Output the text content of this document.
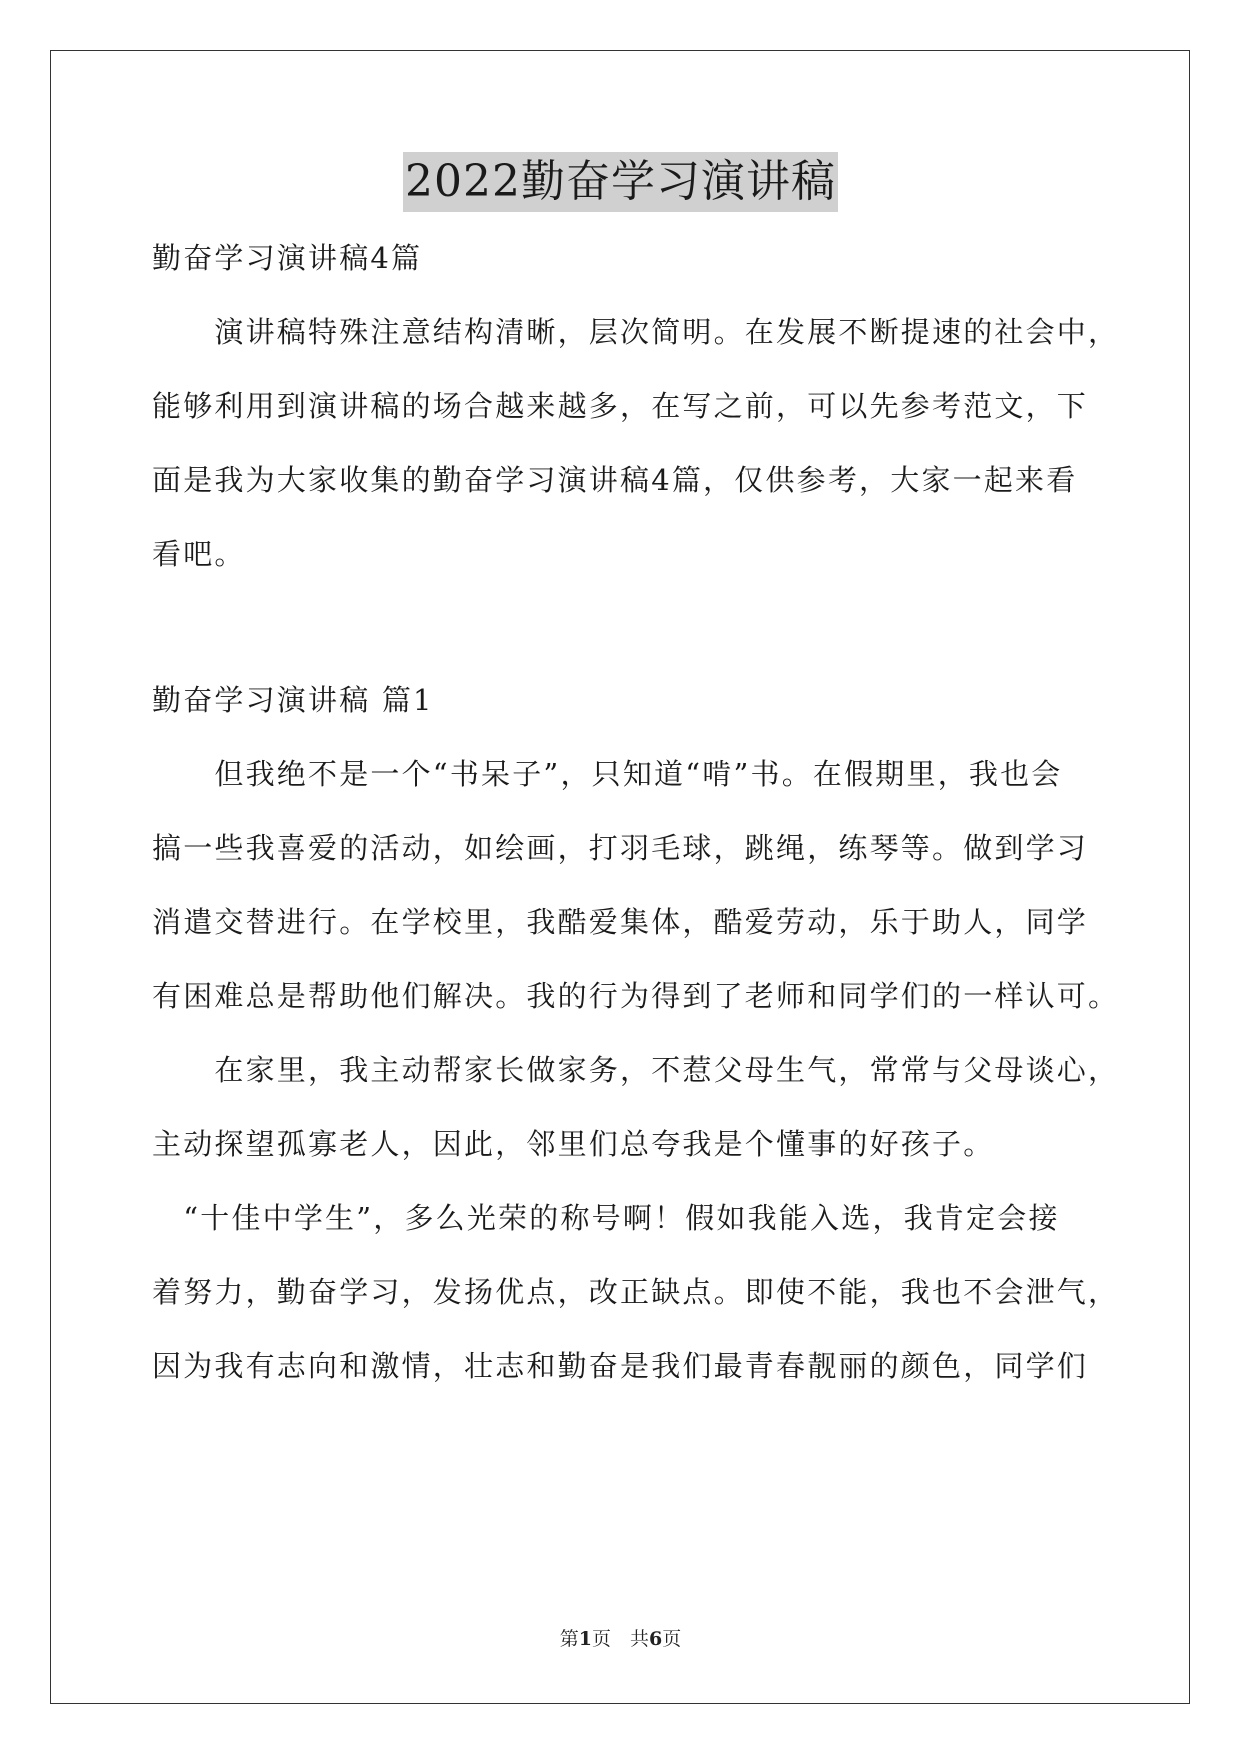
2022勤奋学习演讲稿
勤奋学习演讲稿4篇
　　演讲稿特殊注意结构清晰，层次简明。在发展不断提速的社会中，
能够利用到演讲稿的场合越来越多，在写之前，可以先参考范文，下
面是我为大家收集的勤奋学习演讲稿4篇，仅供参考，大家一起来看
看吧。
勤奋学习演讲稿 篇1
　　但我绝不是一个“书呆子”，只知道“啃”书。在假期里，我也会
搞一些我喜爱的活动，如绘画，打羽毛球，跳绳，练琴等。做到学习
消遣交替进行。在学校里，我酷爱集体，酷爱劳动，乐于助人，同学
有困难总是帮助他们解决。我的行为得到了老师和同学们的一样认可。
　　在家里，我主动帮家长做家务，不惹父母生气，常常与父母谈心，
主动探望孤寡老人，因此，邻里们总夸我是个懂事的好孩子。
　“十佳中学生”，多么光荣的称号啊！假如我能入选，我肯定会接
着努力，勤奋学习，发扬优点，改正缺点。即使不能，我也不会泄气，
因为我有志向和激情，壮志和勤奋是我们最青春靓丽的颜色，同学们
第1页　共6页
